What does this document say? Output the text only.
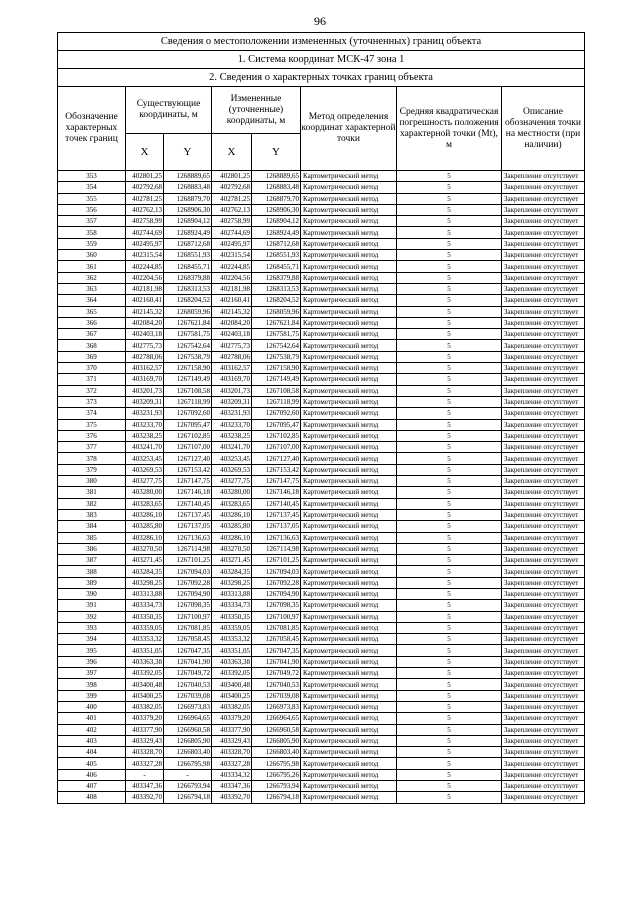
96
Сведения о местоположении измененных (уточненных) границ объекта							
1. Система координат МСК-47 зона 1							
2. Сведения о характерных точках границ объекта							
Обозначение характерных точек границ	Существующие координаты, м		Измененные (уточненные) координаты, м		Метод определения координат характерной точки	Средняя квадратическая погрешность положения характерной точки (Mt), м	Описание обозначения точки на местности (при наличии)
	X	Y	X	Y			
353	402801,25	1268889,65	402801,25	1268889,65	Картометрический метод	5	Закрепление отсутствует
354	402792,68	1268883,48	402792,68	1268883,48	Картометрический метод	5	Закрепление отсутствует
355	402781,25	1268879,70	402781,25	1268879,70	Картометрический метод	5	Закрепление отсутствует
356	402762,13	1268906,30	402762,13	1268906,30	Картометрический метод	5	Закрепление отсутствует
357	402758,99	1268904,12	402758,99	1268904,12	Картометрический метод	5	Закрепление отсутствует
358	402744,69	1268924,49	402744,69	1268924,49	Картометрический метод	5	Закрепление отсутствует
359	402495,97	1268712,68	402495,97	1268712,68	Картометрический метод	5	Закрепление отсутствует
360	402315,54	1268551,93	402315,54	1268551,93	Картометрический метод	5	Закрепление отсутствует
361	402244,85	1268455,71	402244,85	1268455,71	Картометрический метод	5	Закрепление отсутствует
362	402204,56	1268379,88	402204,56	1268379,88	Картометрический метод	5	Закрепление отсутствует
363	402181,98	1268313,53	402181,98	1268313,53	Картометрический метод	5	Закрепление отсутствует
364	402160,41	1268204,52	402160,41	1268204,52	Картометрический метод	5	Закрепление отсутствует
365	402145,32	1268059,96	402145,32	1268059,96	Картометрический метод	5	Закрепление отсутствует
366	402084,20	1267621,84	402084,20	1267621,84	Картометрический метод	5	Закрепление отсутствует
367	402403,18	1267581,75	402403,18	1267581,75	Картометрический метод	5	Закрепление отсутствует
368	402775,73	1267542,64	402775,73	1267542,64	Картометрический метод	5	Закрепление отсутствует
369	402788,06	1267538,79	402788,06	1267538,79	Картометрический метод	5	Закрепление отсутствует
370	403162,57	1267158,90	403162,57	1267158,90	Картометрический метод	5	Закрепление отсутствует
371	403169,70	1267149,49	403169,70	1267149,49	Картометрический метод	5	Закрепление отсутствует
372	403201,73	1267108,58	403201,73	1267108,58	Картометрический метод	5	Закрепление отсутствует
373	403209,31	1267118,99	403209,31	1267118,99	Картометрический метод	5	Закрепление отсутствует
374	403231,93	1267092,60	403231,93	1267092,60	Картометрический метод	5	Закрепление отсутствует
375	403233,70	1267095,47	403233,70	1267095,47	Картометрический метод	5	Закрепление отсутствует
376	403238,25	1267102,85	403238,25	1267102,85	Картометрический метод	5	Закрепление отсутствует
377	403241,70	1267107,00	403241,70	1267107,00	Картометрический метод	5	Закрепление отсутствует
378	403253,45	1267127,40	403253,45	1267127,40	Картометрический метод	5	Закрепление отсутствует
379	403269,53	1267153,42	403269,53	1267153,42	Картометрический метод	5	Закрепление отсутствует
380	403277,75	1267147,75	403277,75	1267147,75	Картометрический метод	5	Закрепление отсутствует
381	403280,00	1267146,18	403280,00	1267146,18	Картометрический метод	5	Закрепление отсутствует
382	403283,65	1267140,45	403283,65	1267140,45	Картометрический метод	5	Закрепление отсутствует
383	403286,10	1267137,45	403286,10	1267137,45	Картометрический метод	5	Закрепление отсутствует
384	403285,80	1267137,05	403285,80	1267137,05	Картометрический метод	5	Закрепление отсутствует
385	403286,10	1267136,63	403286,10	1267136,63	Картометрический метод	5	Закрепление отсутствует
386	403270,50	1267114,98	403270,50	1267114,98	Картометрический метод	5	Закрепление отсутствует
387	403271,45	1267101,25	403271,45	1267101,25	Картометрический метод	5	Закрепление отсутствует
388	403284,35	1267094,03	403284,35	1267094,03	Картометрический метод	5	Закрепление отсутствует
389	403298,25	1267092,28	403298,25	1267092,28	Картометрический метод	5	Закрепление отсутствует
390	403313,88	1267094,90	403313,88	1267094,90	Картометрический метод	5	Закрепление отсутствует
391	403334,73	1267098,35	403334,73	1267098,35	Картометрический метод	5	Закрепление отсутствует
392	403350,35	1267100,97	403350,35	1267100,97	Картометрический метод	5	Закрепление отсутствует
393	403359,05	1267081,85	403359,05	1267081,85	Картометрический метод	5	Закрепление отсутствует
394	403353,32	1267058,45	403353,32	1267058,45	Картометрический метод	5	Закрепление отсутствует
395	403351,05	1267047,35	403351,05	1267047,35	Картометрический метод	5	Закрепление отсутствует
396	403363,38	1267041,90	403363,38	1267041,90	Картометрический метод	5	Закрепление отсутствует
397	403392,05	1267049,72	403392,05	1267049,72	Картометрический метод	5	Закрепление отсутствует
398	403400,48	1267040,53	403400,48	1267040,53	Картометрический метод	5	Закрепление отсутствует
399	403400,25	1267039,08	403400,25	1267039,08	Картометрический метод	5	Закрепление отсутствует
400	403382,05	1266973,83	403382,05	1266973,83	Картометрический метод	5	Закрепление отсутствует
401	403379,20	1266964,65	403379,20	1266964,65	Картометрический метод	5	Закрепление отсутствует
402	403377,90	1266960,58	403377,90	1266960,58	Картометрический метод	5	Закрепление отсутствует
403	403329,43	1266805,90	403329,43	1266805,90	Картометрический метод	5	Закрепление отсутствует
404	403328,70	1266803,40	403328,70	1266803,40	Картометрический метод	5	Закрепление отсутствует
405	403327,28	1266795,98	403327,28	1266795,98	Картометрический метод	5	Закрепление отсутствует
406	-	-	403334,32	1266795,26	Картометрический метод	5	Закрепление отсутствует
407	403347,36	1266793,94	403347,36	1266793,94	Картометрический метод	5	Закрепление отсутствует
408	403392,70	1266794,18	403392,70	1266794,18	Картометрический метод	5	Закрепление отсутствует
